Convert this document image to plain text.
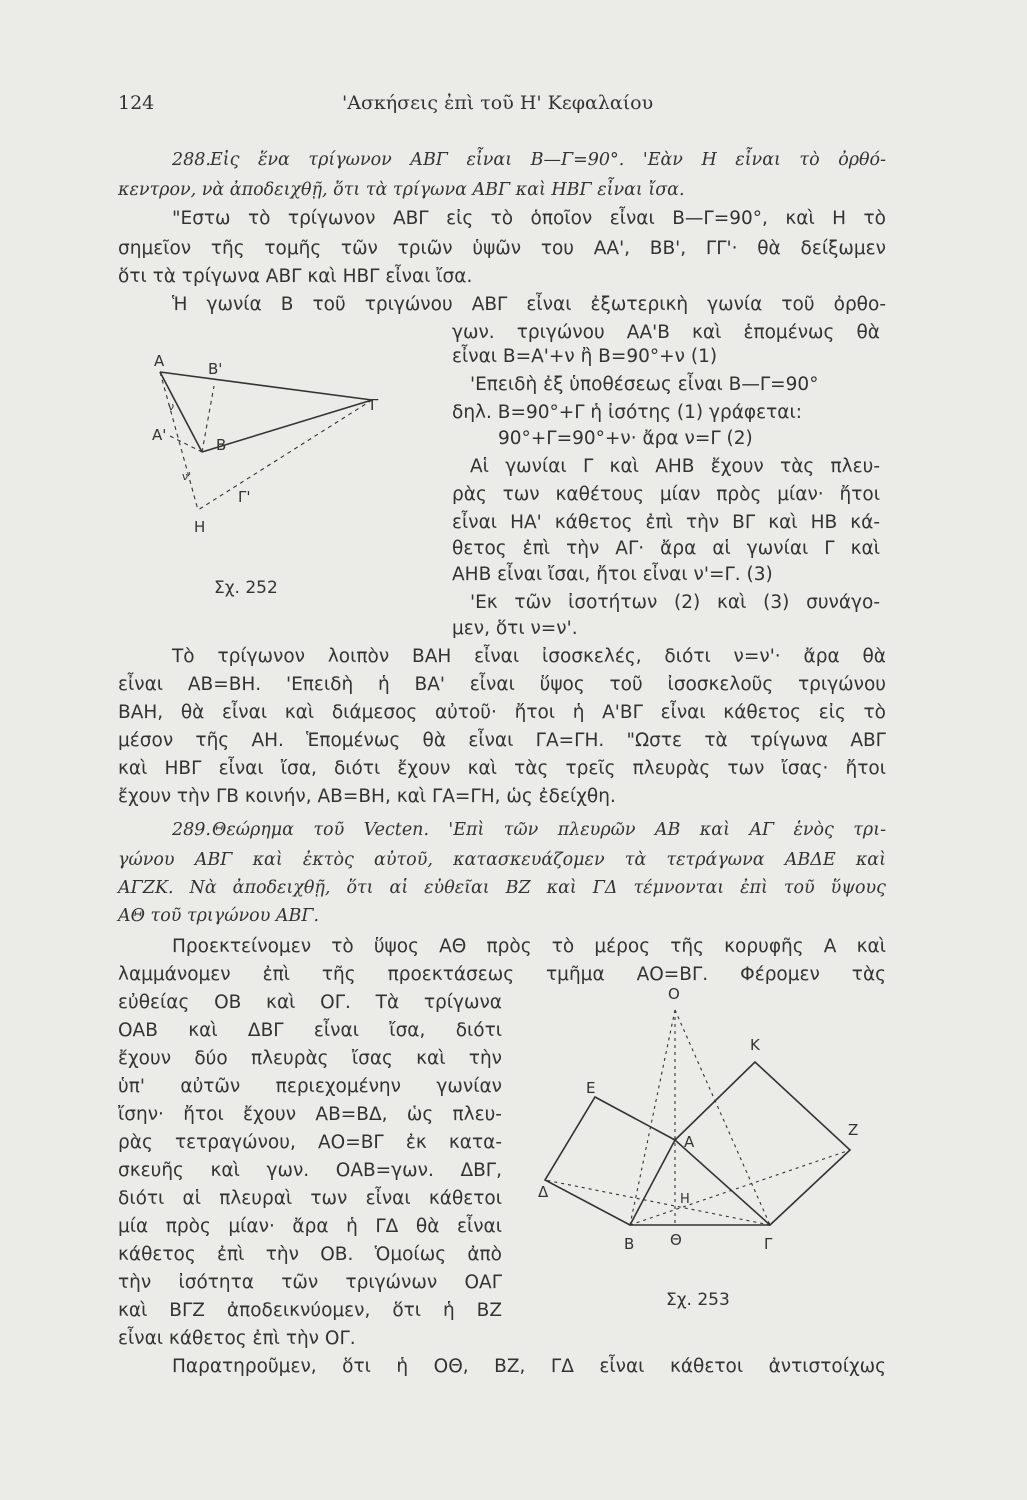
124	'Ασκήσεις ἐπὶ τοῦ Η' Κεφαλαίου
288. Εἰς ἕνα τρίγωνον ΑΒΓ εἶναι Β—Γ=90°. 'Εὰν Η εἶναι τὸ ὀρθό-
κεντρον, νὰ ἀποδειχθῇ, ὅτι τὰ τρίγωνα ΑΒΓ καὶ ΗΒΓ εἶναι ἴσα.
"Εστω τὸ τρίγωνον ΑΒΓ εἰς τὸ ὁποῖον εἶναι Β—Γ=90°, καὶ Η τὸ
σημεῖον τῆς τομῆς τῶν τριῶν ὑψῶν του ΑΑ', ΒΒ', ΓΓ'· θὰ δείξωμεν
ὅτι τὰ τρίγωνα ΑΒΓ καὶ ΗΒΓ εἶναι ἴσα.
Ἡ γωνία Β τοῦ τριγώνου ΑΒΓ εἶναι ἐξωτερικὴ γωνία τοῦ ὀρθο-
γων. τριγώνου ΑΑ'Β καὶ ἑπομένως θὰ
εἶναι Β=Α'+ν ἢ Β=90°+ν (1)
'Επειδὴ ἐξ ὑποθέσεως εἶναι Β—Γ=90°
δηλ. Β=90°+Γ ἡ ἰσότης (1) γράφεται:
90°+Γ=90°+ν· ἄρα ν=Γ (2)
Αἱ γωνίαι Γ καὶ ΑΗΒ ἔχουν τὰς πλευ-
ρὰς των καθέτους μίαν πρὸς μίαν· ἤτοι
εἶναι ΗΑ' κάθετος ἐπὶ τὴν ΒΓ καὶ ΗΒ κά-
θετος ἐπὶ τὴν ΑΓ· ἄρα αἱ γωνίαι Γ καὶ
ΑΗΒ εἶναι ἴσαι, ἤτοι εἶναι ν'=Γ. (3)
'Εκ τῶν ἰσοτήτων (2) καὶ (3) συνάγο-
μεν, ὅτι ν=ν'.
Α	Β'
Α'
Β
Γ
Γ'
Η
ν
ν'
Σχ. 252
Τὸ τρίγωνον λοιπὸν ΒΑΗ εἶναι ἰσοσκελές, διότι ν=ν'· ἄρα θὰ
εἶναι ΑΒ=ΒΗ. 'Επειδὴ ἡ ΒΑ' εἶναι ὕψος τοῦ ἰσοσκελοῦς τριγώνου
ΒΑΗ, θὰ εἶναι καὶ διάμεσος αὐτοῦ· ἤτοι ἡ Α'ΒΓ εἶναι κάθετος εἰς τὸ
μέσον τῆς ΑΗ. Ἑπομένως θὰ εἶναι ΓΑ=ΓΗ. "Ωστε τὰ τρίγωνα ΑΒΓ
καὶ ΗΒΓ εἶναι ἴσα, διότι ἔχουν καὶ τὰς τρεῖς πλευρὰς των ἴσας· ἤτοι
ἔχουν τὴν ΓΒ κοινήν, ΑΒ=ΒΗ, καὶ ΓΑ=ΓΗ, ὡς ἐδείχθη.
289. Θεώρημα τοῦ Vecten. 'Επὶ τῶν πλευρῶν ΑΒ καὶ ΑΓ ἑνὸς τρι-
γώνου ΑΒΓ καὶ ἐκτὸς αὐτοῦ, κατασκευάζομεν τὰ τετράγωνα ΑΒΔΕ καὶ
ΑΓΖΚ. Νὰ ἀποδειχθῇ, ὅτι αἱ εὐθεῖαι ΒΖ καὶ ΓΔ τέμνονται ἐπὶ τοῦ ὕψους
ΑΘ τοῦ τριγώνου ΑΒΓ.
Προεκτείνομεν τὸ ὕψος ΑΘ πρὸς τὸ μέρος τῆς κορυφῆς Α καὶ
λαμμάνομεν ἐπὶ τῆς προεκτάσεως τμῆμα ΑΟ=ΒΓ. Φέρομεν τὰς
εὐθείας ΟΒ καὶ ΟΓ. Τὰ τρίγωνα
ΟΑΒ καὶ ΔΒΓ εἶναι ἴσα, διότι
ἔχουν δύο πλευρὰς ἴσας καὶ τὴν
ὑπ' αὐτῶν περιεχομένην γωνίαν
ἴσην· ἤτοι ἔχουν ΑΒ=ΒΔ, ὡς πλευ-
ρὰς τετραγώνου, ΑΟ=ΒΓ ἐκ κατα-
σκευῆς καὶ γων. ΟΑΒ=γων. ΔΒΓ,
διότι αἱ πλευραὶ των εἶναι κάθετοι
μία πρὸς μίαν· ἄρα ἡ ΓΔ θὰ εἶναι
κάθετος ἐπὶ τὴν ΟΒ. Ὁμοίως ἀπὸ
τὴν ἰσότητα τῶν τριγώνων ΟΑΓ
καὶ ΒΓΖ ἀποδεικνύομεν, ὅτι ἡ ΒΖ
εἶναι κάθετος ἐπὶ τὴν ΟΓ.
Ο
Κ
Ε
Ζ
Α
Δ	Η
Β Θ	Γ
Σχ. 253
Παρατηροῦμεν, ὅτι ἡ ΟΘ, ΒΖ, ΓΔ εἶναι κάθετοι ἀντιστοίχως
